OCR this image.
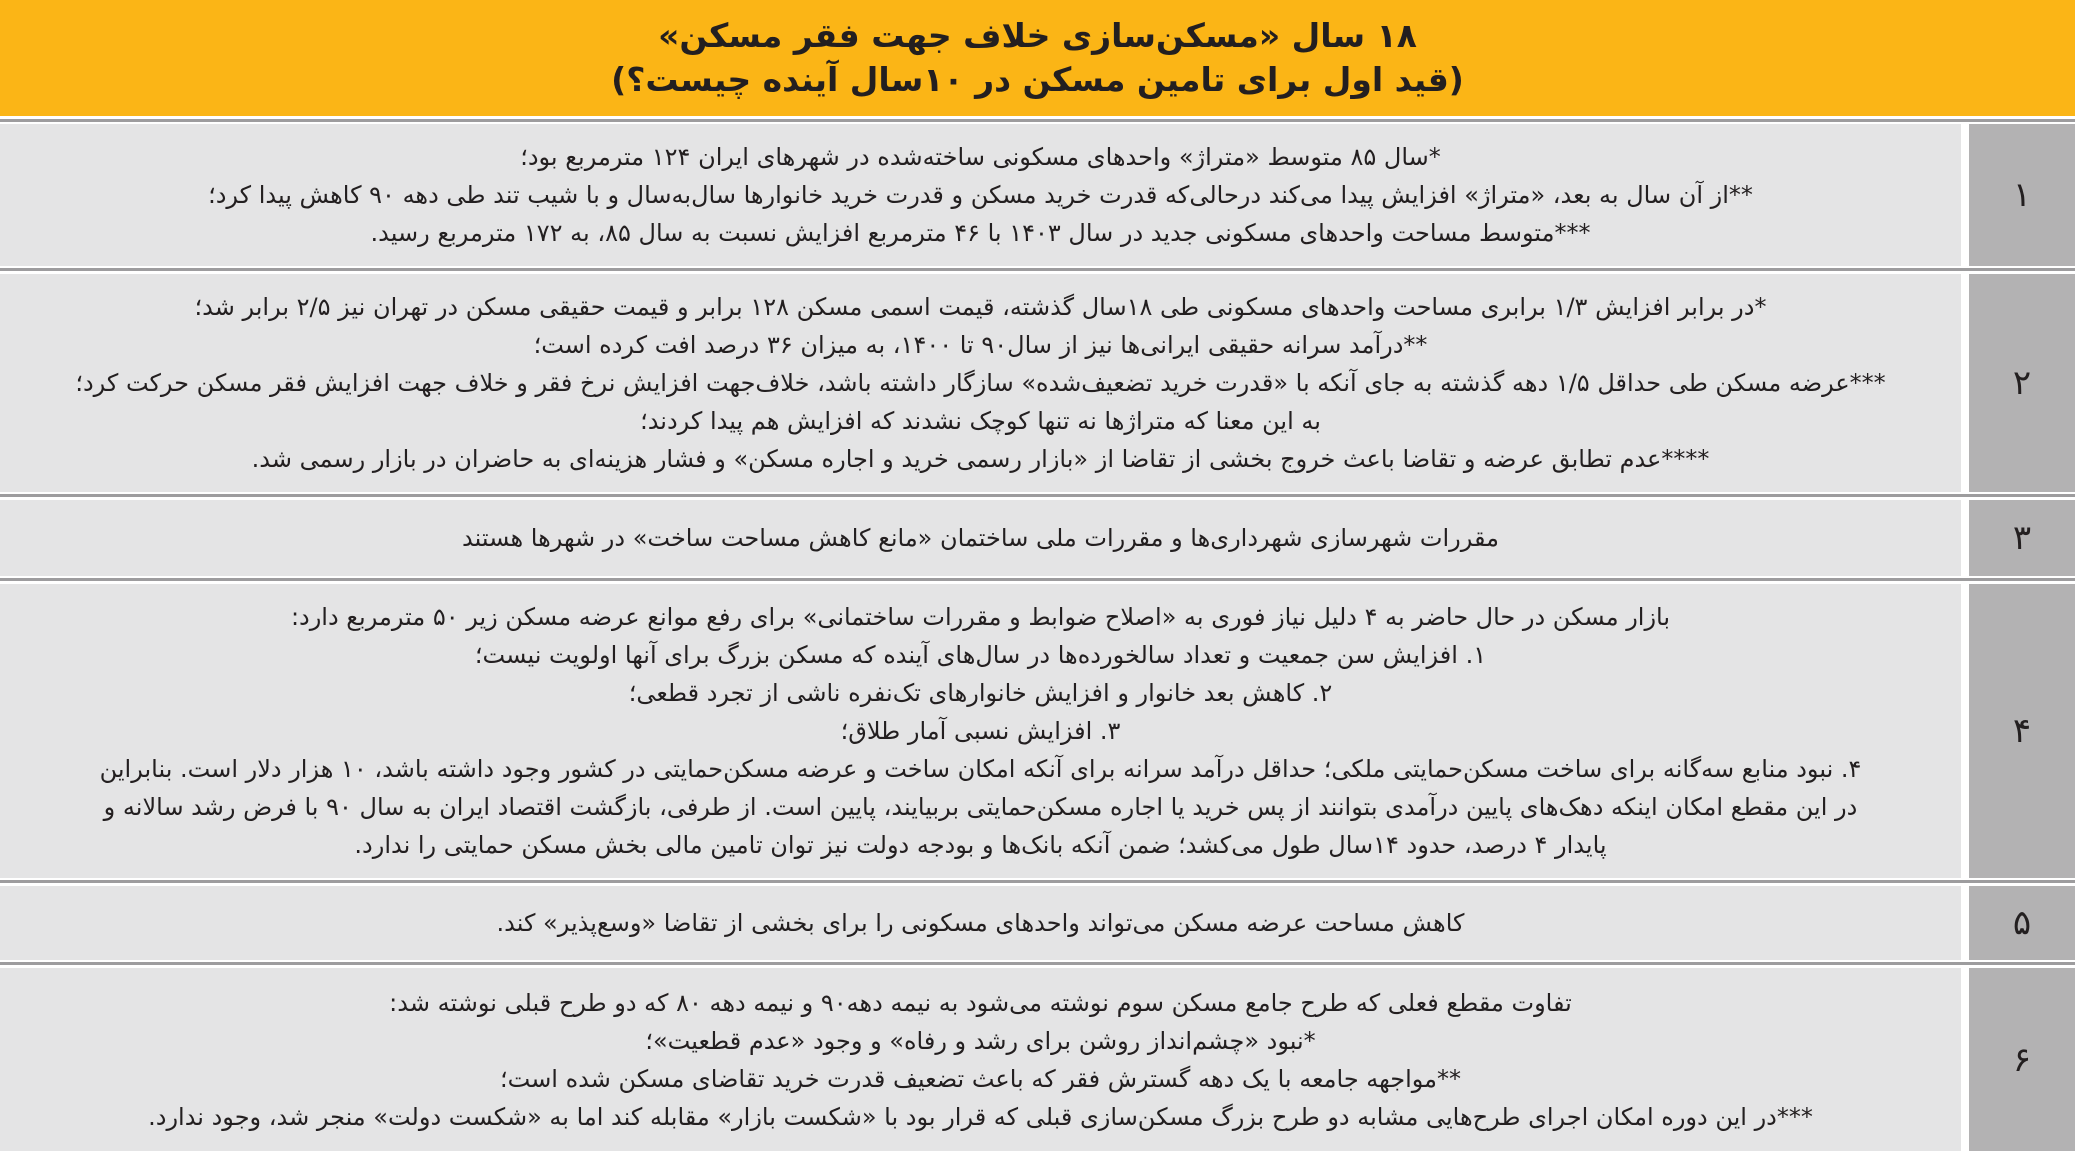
۱۸ سال «مسکن‌سازی خلاف جهت فقر مسکن»
(قید اول برای تامین مسکن در ۱۰سال آینده چیست؟)
۱
*سال ۸۵ متوسط «متراژ» واحدهای مسکونی ساخته‌شده در شهرهای ایران ۱۲۴ مترمربع بود؛
**از آن سال به بعد، «متراژ» افزایش پیدا می‌کند درحالی‌که قدرت خرید مسکن و قدرت خرید خانوارها سال‌به‌سال و با شیب تند طی دهه ۹۰ کاهش پیدا کرد؛
***متوسط مساحت واحدهای مسکونی جدید در سال ۱۴۰۳ با ۴۶ مترمربع افزایش نسبت به سال ۸۵، به ۱۷۲ مترمربع رسید.
۲
*در برابر افزایش ۱/۳ برابری مساحت واحدهای مسکونی طی ۱۸سال گذشته، قیمت اسمی مسکن ۱۲۸ برابر و قیمت حقیقی مسکن در تهران نیز ۲/۵ برابر شد؛
**درآمد سرانه حقیقی ایرانی‌ها نیز از سال۹۰ تا ۱۴۰۰، به میزان ۳۶ درصد افت کرده است؛
***عرضه مسکن طی حداقل ۱/۵ دهه گذشته به جای آنکه با «قدرت خرید تضعیف‌شده» سازگار داشته باشد، خلاف‌جهت افزایش نرخ فقر و خلاف جهت افزایش فقر مسکن حرکت کرد؛
به این معنا که متراژها نه تنها کوچک نشدند که افزایش هم پیدا کردند؛
****عدم تطابق عرضه و تقاضا باعث خروج بخشی از تقاضا از «بازار رسمی خرید و اجاره مسکن» و فشار هزینه‌ای به حاضران در بازار رسمی شد.
۳
مقررات شهرسازی شهرداری‌ها و مقررات ملی ساختمان «مانع کاهش مساحت ساخت» در شهرها هستند
۴
بازار مسکن در حال حاضر به ۴ دلیل نیاز فوری به «اصلاح ضوابط و مقررات ساختمانی» برای رفع موانع عرضه مسکن زیر ۵۰ مترمربع دارد:
۱. افزایش سن جمعیت و تعداد سالخورده‌ها در سال‌های آینده که مسکن بزرگ برای آنها اولویت نیست؛
۲. کاهش بعد خانوار و افزایش خانوارهای تک‌نفره ناشی از تجرد قطعی؛
۳. افزایش نسبی آمار طلاق؛
۴. نبود منابع سه‌گانه برای ساخت مسکن‌حمایتی ملکی؛ حداقل درآمد سرانه برای آنکه امکان ساخت و عرضه مسکن‌حمایتی در کشور وجود داشته باشد، ۱۰ هزار دلار است. بنابراین
در این مقطع امکان اینکه دهک‌های پایین درآمدی بتوانند از پس خرید یا اجاره مسکن‌حمایتی بربیایند، پایین است. از طرفی، بازگشت اقتصاد ایران به سال ۹۰ با فرض رشد سالانه و
پایدار ۴ درصد، حدود ۱۴سال طول می‌کشد؛ ضمن آنکه بانک‌ها و بودجه دولت نیز توان تامین مالی بخش مسکن حمایتی را ندارد.
۵
کاهش مساحت عرضه مسکن می‌تواند واحدهای مسکونی را برای بخشی از تقاضا «وسع‌پذیر» کند.
۶
تفاوت مقطع فعلی که طرح جامع مسکن سوم نوشته می‌شود به نیمه دهه۹۰ و نیمه دهه ۸۰ که دو طرح قبلی نوشته شد:
*نبود «چشم‌انداز روشن برای رشد و رفاه» و وجود «عدم قطعیت»؛
**مواجهه جامعه با یک دهه گسترش فقر که باعث تضعیف قدرت خرید تقاضای مسکن شده است؛
***در این دوره امکان اجرای طرح‌هایی مشابه دو طرح بزرگ مسکن‌سازی قبلی که قرار بود با «شکست بازار» مقابله کند اما به «شکست دولت» منجر شد، وجود ندارد.
